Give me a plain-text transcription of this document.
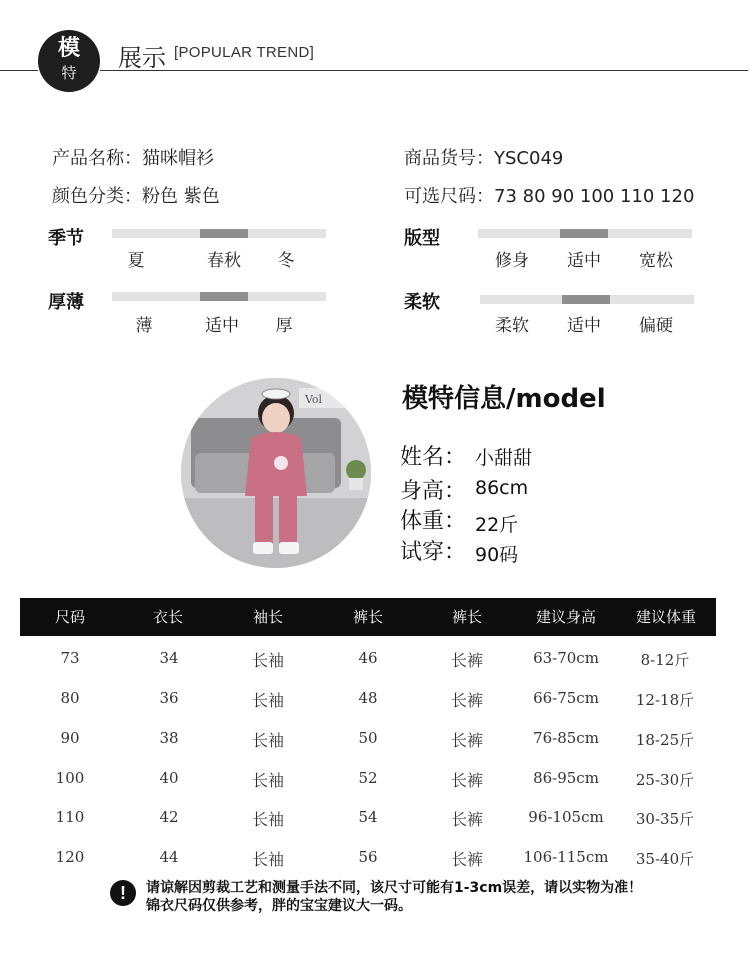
模
特
展示 [POPULAR TREND]
产品名称：猫咪帽衫	商品货号：YSC049
颜色分类：粉色 紫色	可选尺码：73 80 90 100 110 120
季节
夏	春秋	冬
厚薄
薄	适中	厚
版型
修身	适中	宽松
柔软
柔软	适中	偏硬
Vol	模特信息/model
姓名： 小甜甜
身高： 86cm
体重： 22斤
试穿： 90码
尺码	衣长	袖长	裤长	裤长	建议身高	建议体重
73	34	长袖	46	长裤	63-70cm	8-12斤
80	36	长袖	48	长裤	66-75cm	12-18斤
90	38	长袖	50	长裤	76-85cm	18-25斤
100	40	长袖	52	长裤	86-95cm	25-30斤
110	42	长袖	54	长裤	96-105cm	30-35斤
120	44	长袖	56	长裤	106-115cm	35-40斤
!	请谅解因剪裁工艺和测量手法不同，该尺寸可能有1-3cm误差，请以实物为准！
锦衣尺码仅供参考，胖的宝宝建议大一码。
